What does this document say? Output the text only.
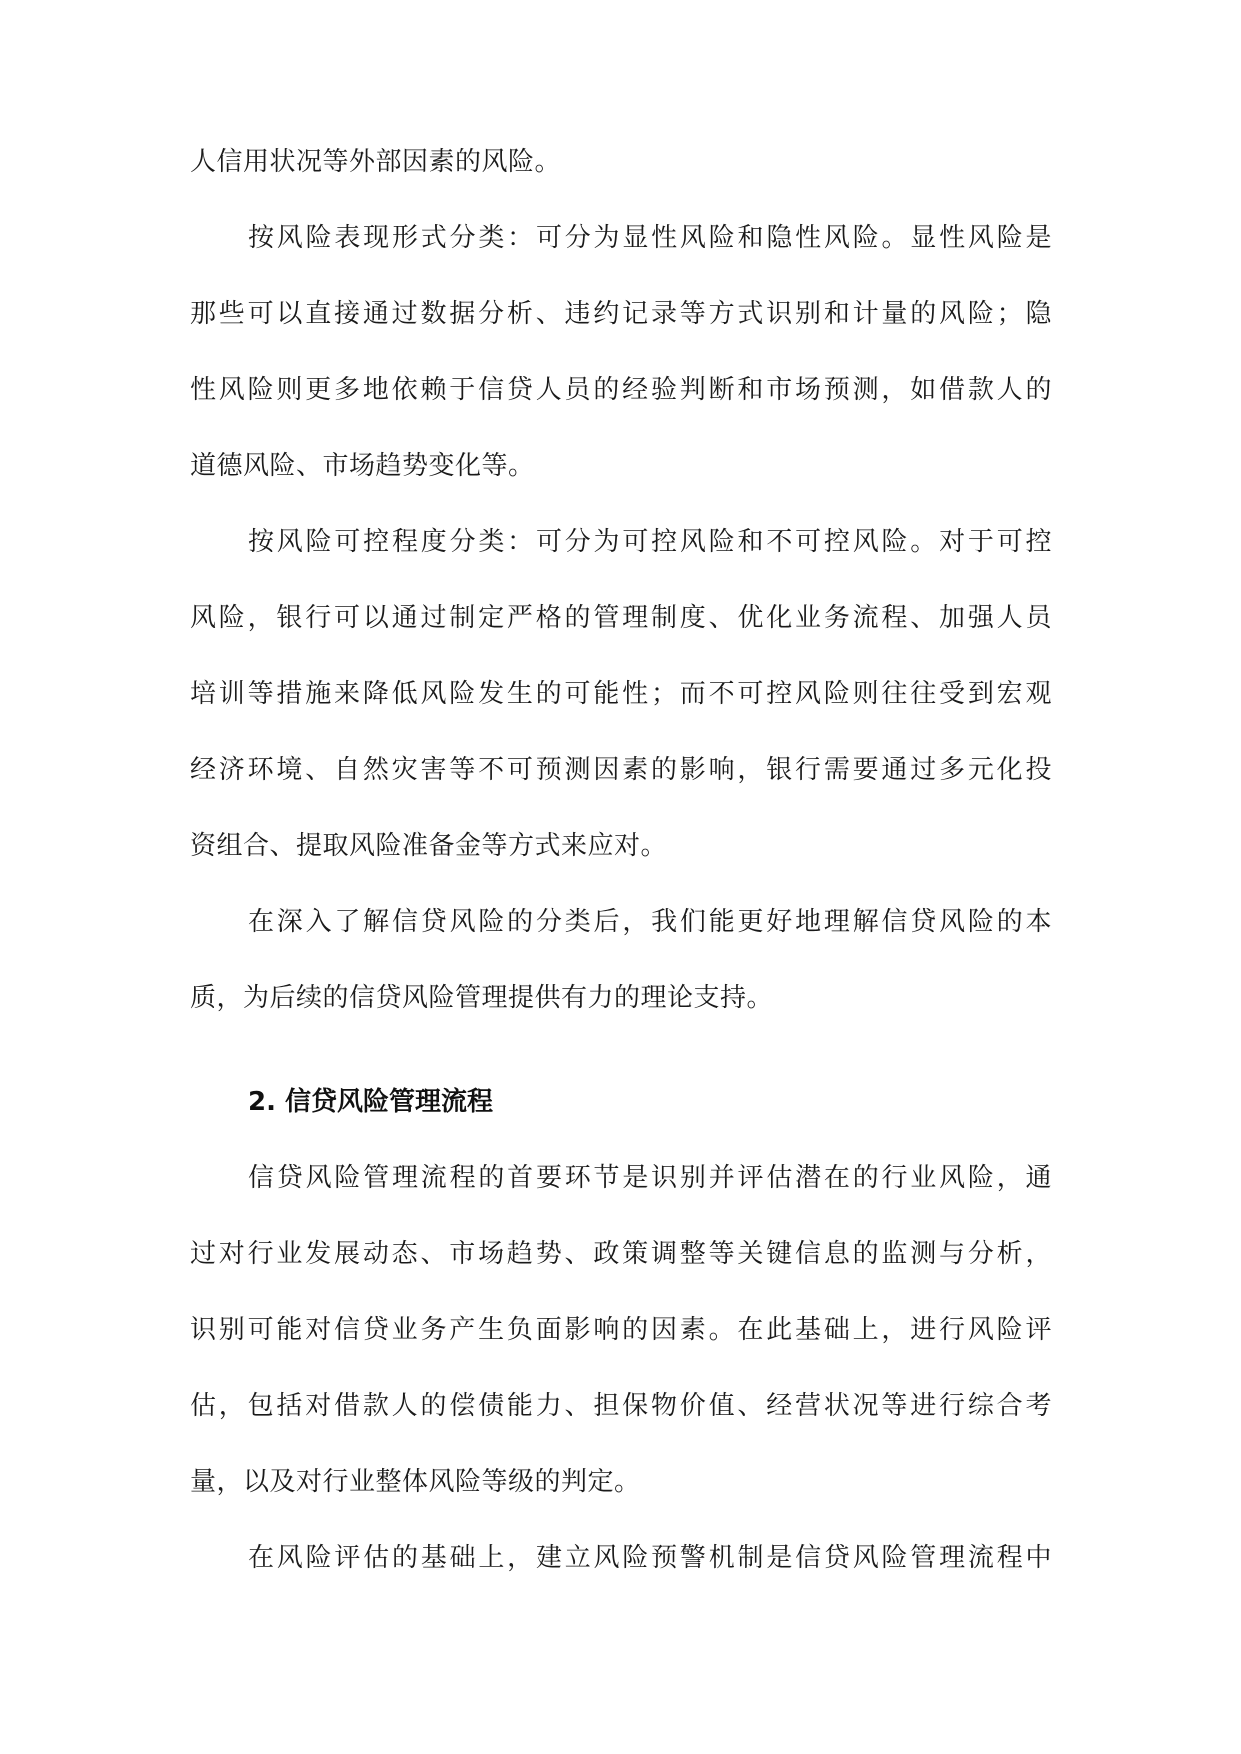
人信用状况等外部因素的风险。
按风险表现形式分类：可分为显性风险和隐性风险。显性风险是
那些可以直接通过数据分析、违约记录等方式识别和计量的风险；隐
性风险则更多地依赖于信贷人员的经验判断和市场预测，如借款人的
道德风险、市场趋势变化等。
按风险可控程度分类：可分为可控风险和不可控风险。对于可控
风险，银行可以通过制定严格的管理制度、优化业务流程、加强人员
培训等措施来降低风险发生的可能性；而不可控风险则往往受到宏观
经济环境、自然灾害等不可预测因素的影响，银行需要通过多元化投
资组合、提取风险准备金等方式来应对。
在深入了解信贷风险的分类后，我们能更好地理解信贷风险的本
质，为后续的信贷风险管理提供有力的理论支持。
2. 信贷风险管理流程
信贷风险管理流程的首要环节是识别并评估潜在的行业风险，通
过对行业发展动态、市场趋势、政策调整等关键信息的监测与分析，
识别可能对信贷业务产生负面影响的因素。在此基础上，进行风险评
估，包括对借款人的偿债能力、担保物价值、经营状况等进行综合考
量，以及对行业整体风险等级的判定。
在风险评估的基础上，建立风险预警机制是信贷风险管理流程中
